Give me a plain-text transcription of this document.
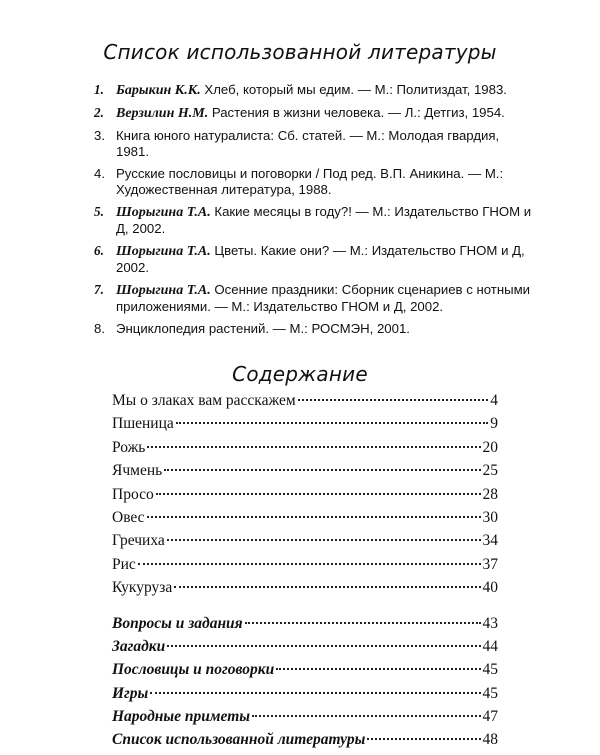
Список использованной литературы
1. Барыкин К.К. Хлеб, который мы едим. — М.: Политиздат, 1983.
2. Верзилин Н.М. Растения в жизни человека. — Л.: Детгиз, 1954.
3. Книга юного натуралиста: Сб. статей. — М.: Молодая гвардия, 1981.
4. Русские пословицы и поговорки / Под ред. В.П. Аникина. — М.: Художественная литература, 1988.
5. Шорыгина Т.А. Какие месяцы в году?! — М.: Издательство ГНОМ и Д, 2002.
6. Шорыгина Т.А. Цветы. Какие они? — М.: Издательство ГНОМ и Д, 2002.
7. Шорыгина Т.А. Осенние праздники: Сборник сценариев с нотными приложениями. — М.: Издательство ГНОМ и Д, 2002.
8. Энциклопедия растений. — М.: РОСМЭН, 2001.
Содержание
Мы о злаках вам расскажем	4
Пшеница	9
Рожь	20
Ячмень	25
Просо	28
Овес	30
Гречиха	34
Рис	37
Кукуруза	40
Вопросы и задания	43
Загадки	44
Пословицы и поговорки	45
Игры	45
Народные приметы	47
Список использованной литературы	48
